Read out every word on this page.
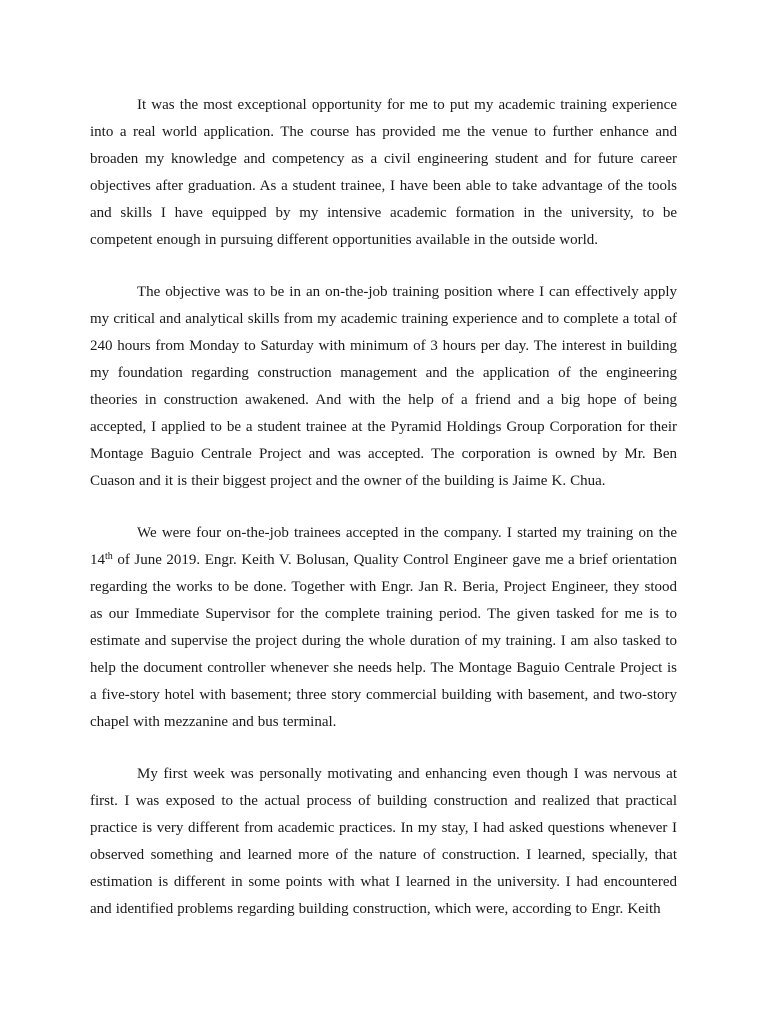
It was the most exceptional opportunity for me to put my academic training experience into a real world application. The course has provided me the venue to further enhance and broaden my knowledge and competency as a civil engineering student and for future career objectives after graduation. As a student trainee, I have been able to take advantage of the tools and skills I have equipped by my intensive academic formation in the university, to be competent enough in pursuing different opportunities available in the outside world.

The objective was to be in an on-the-job training position where I can effectively apply my critical and analytical skills from my academic training experience and to complete a total of 240 hours from Monday to Saturday with minimum of 3 hours per day. The interest in building my foundation regarding construction management and the application of the engineering theories in construction awakened. And with the help of a friend and a big hope of being accepted, I applied to be a student trainee at the Pyramid Holdings Group Corporation for their Montage Baguio Centrale Project and was accepted. The corporation is owned by Mr. Ben Cuason and it is their biggest project and the owner of the building is Jaime K. Chua.

We were four on-the-job trainees accepted in the company. I started my training on the 14th of June 2019. Engr. Keith V. Bolusan, Quality Control Engineer gave me a brief orientation regarding the works to be done. Together with Engr. Jan R. Beria, Project Engineer, they stood as our Immediate Supervisor for the complete training period. The given tasked for me is to estimate and supervise the project during the whole duration of my training. I am also tasked to help the document controller whenever she needs help. The Montage Baguio Centrale Project is a five-story hotel with basement; three story commercial building with basement, and two-story chapel with mezzanine and bus terminal.

My first week was personally motivating and enhancing even though I was nervous at first. I was exposed to the actual process of building construction and realized that practical practice is very different from academic practices. In my stay, I had asked questions whenever I observed something and learned more of the nature of construction. I learned, specially, that estimation is different in some points with what I learned in the university. I had encountered and identified problems regarding building construction, which were, according to Engr. Keith
